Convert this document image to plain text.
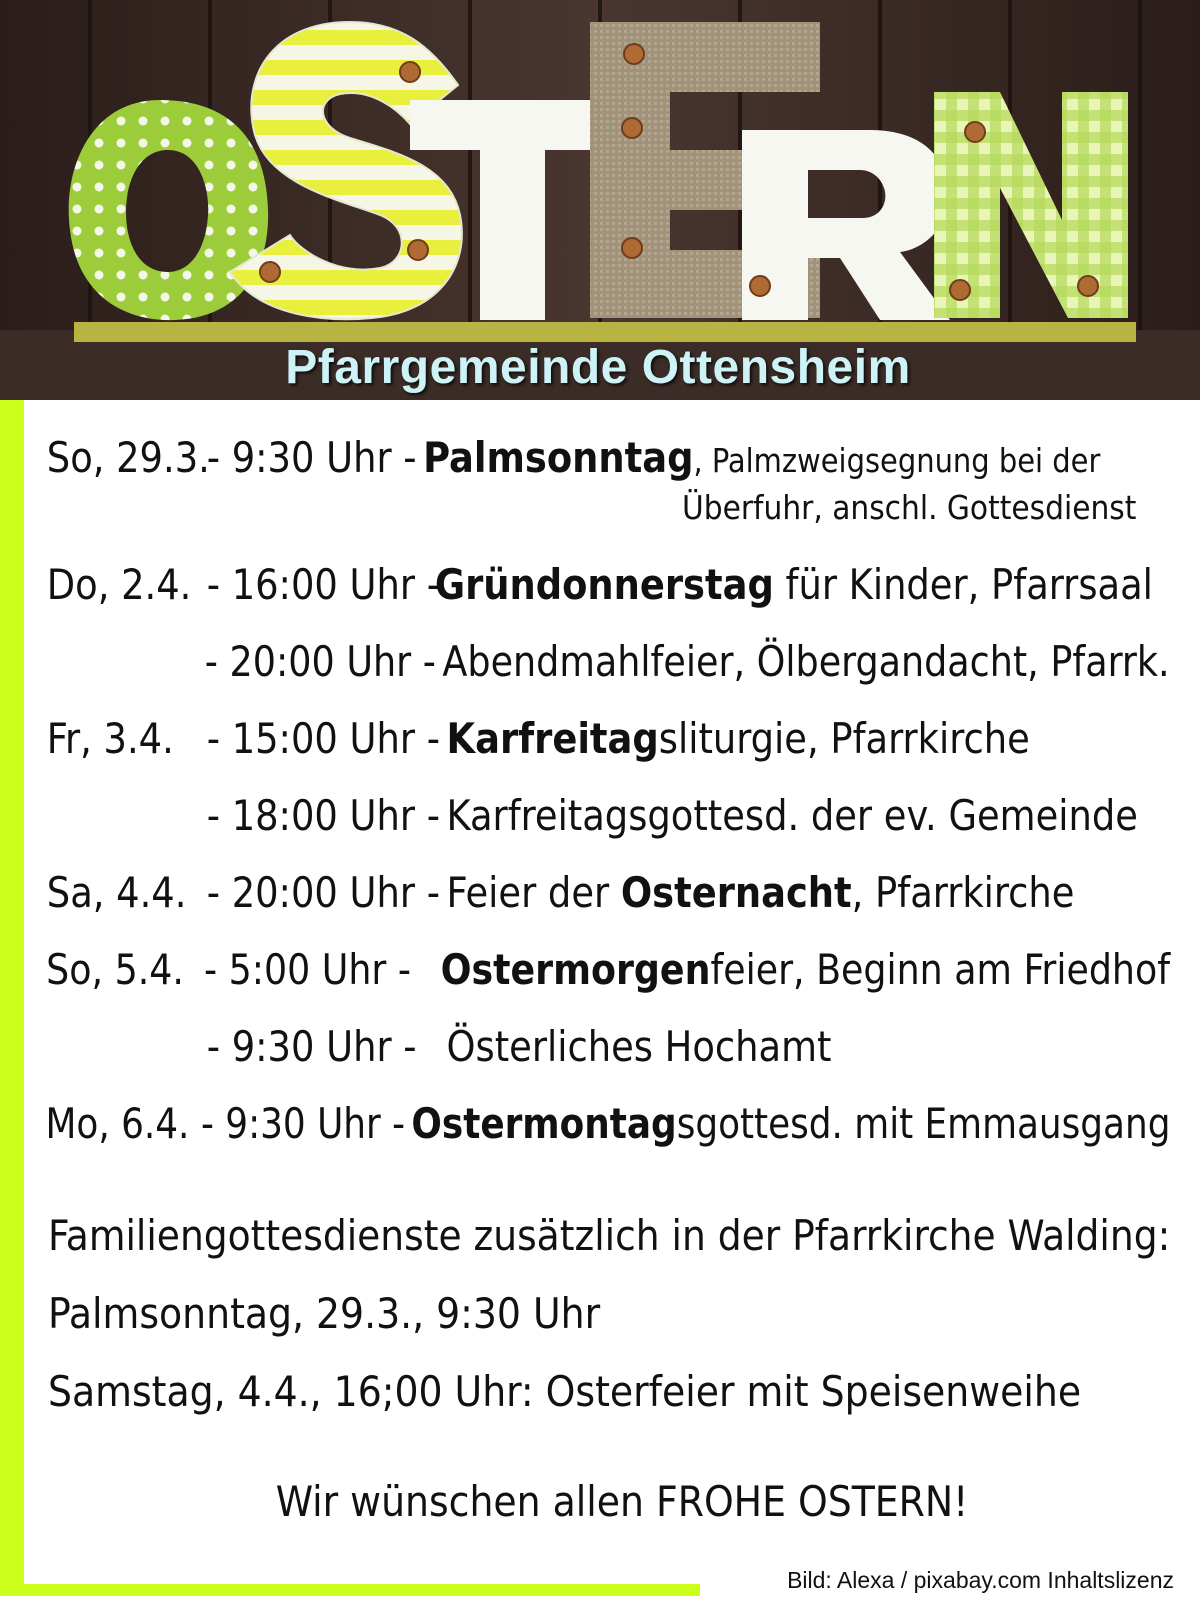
Pfarrgemeinde Ottensheim
So, 29.3.
- 9:30 Uhr - Palmsonntag, Palmzweigsegnung bei der
Überfuhr, anschl. Gottesdienst
Do, 2.4. - 16:00 Uhr -
Gründonnerstag für Kinder, Pfarrsaal
- 20:00 Uhr - Abendmahlfeier, Ölbergandacht, Pfarrk.
Fr, 3.4. - 15:00 Uhr - Karfreitagsliturgie, Pfarrkirche
- 18:00 Uhr - Karfreitagsgottesd. der ev. Gemeinde
Sa, 4.4. - 20:00 Uhr - Feier der Osternacht, Pfarrkirche
So, 5.4. - 5:00 Uhr - Ostermorgenfeier, Beginn am Friedhof
- 9:30 Uhr - Österliches Hochamt
Mo, 6.4. - 9:30 Uhr - Ostermontagsgottesd. mit Emmausgang
Familiengottesdienste zusätzlich in der Pfarrkirche Walding:
Palmsonntag, 29.3., 9:30 Uhr
Samstag, 4.4., 16;00 Uhr: Osterfeier mit Speisenweihe
Wir wünschen allen FROHE OSTERN!
Bild: Alexa / pixabay.com Inhaltslizenz
